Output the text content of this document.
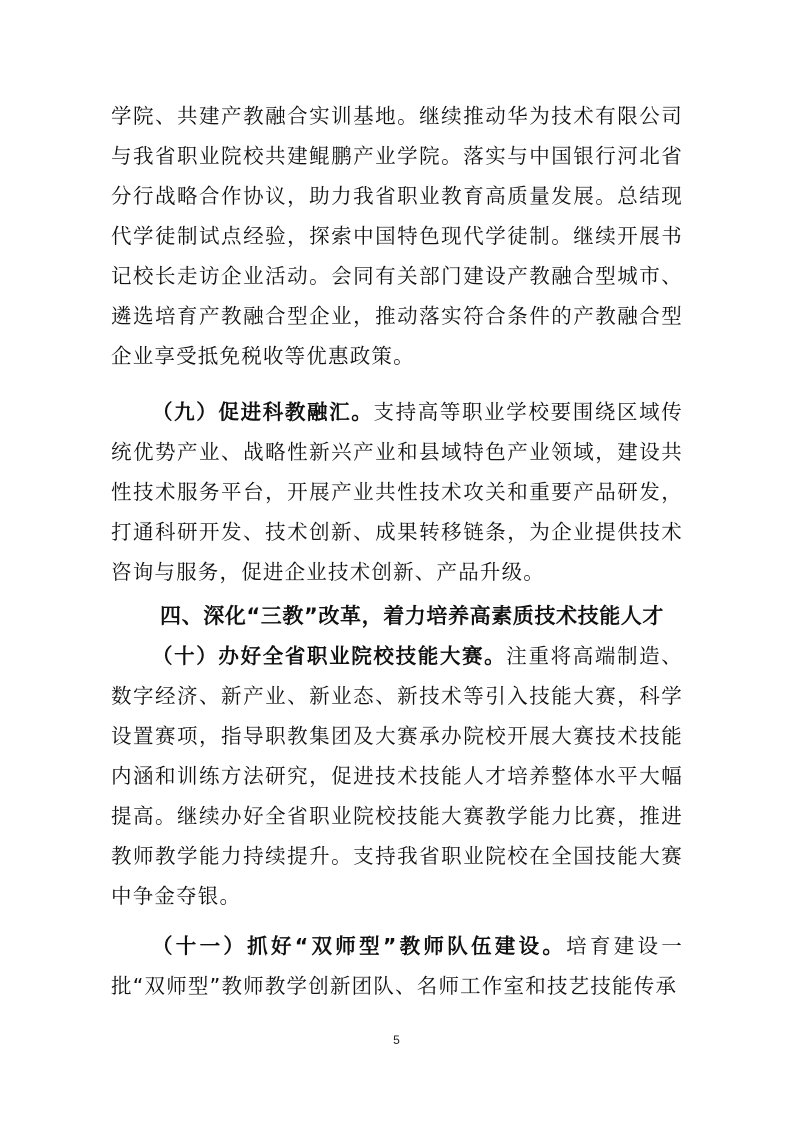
学院、共建产教融合实训基地。继续推动华为技术有限公司与我省职业院校共建鲲鹏产业学院。落实与中国银行河北省分行战略合作协议，助力我省职业教育高质量发展。总结现代学徒制试点经验，探索中国特色现代学徒制。继续开展书记校长走访企业活动。会同有关部门建设产教融合型城市、遴选培育产教融合型企业，推动落实符合条件的产教融合型企业享受抵免税收等优惠政策。

（九）促进科教融汇。支持高等职业学校要围绕区域传统优势产业、战略性新兴产业和县域特色产业领域，建设共性技术服务平台，开展产业共性技术攻关和重要产品研发，打通科研开发、技术创新、成果转移链条，为企业提供技术咨询与服务，促进企业技术创新、产品升级。

四、深化“三教”改革，着力培养高素质技术技能人才

（十）办好全省职业院校技能大赛。注重将高端制造、数字经济、新产业、新业态、新技术等引入技能大赛，科学设置赛项，指导职教集团及大赛承办院校开展大赛技术技能内涵和训练方法研究，促进技术技能人才培养整体水平大幅提高。继续办好全省职业院校技能大赛教学能力比赛，推进教师教学能力持续提升。支持我省职业院校在全国技能大赛中争金夺银。

（十一）抓好“双师型”教师队伍建设。培育建设一批“双师型”教师教学创新团队、名师工作室和技艺技能传承

5
